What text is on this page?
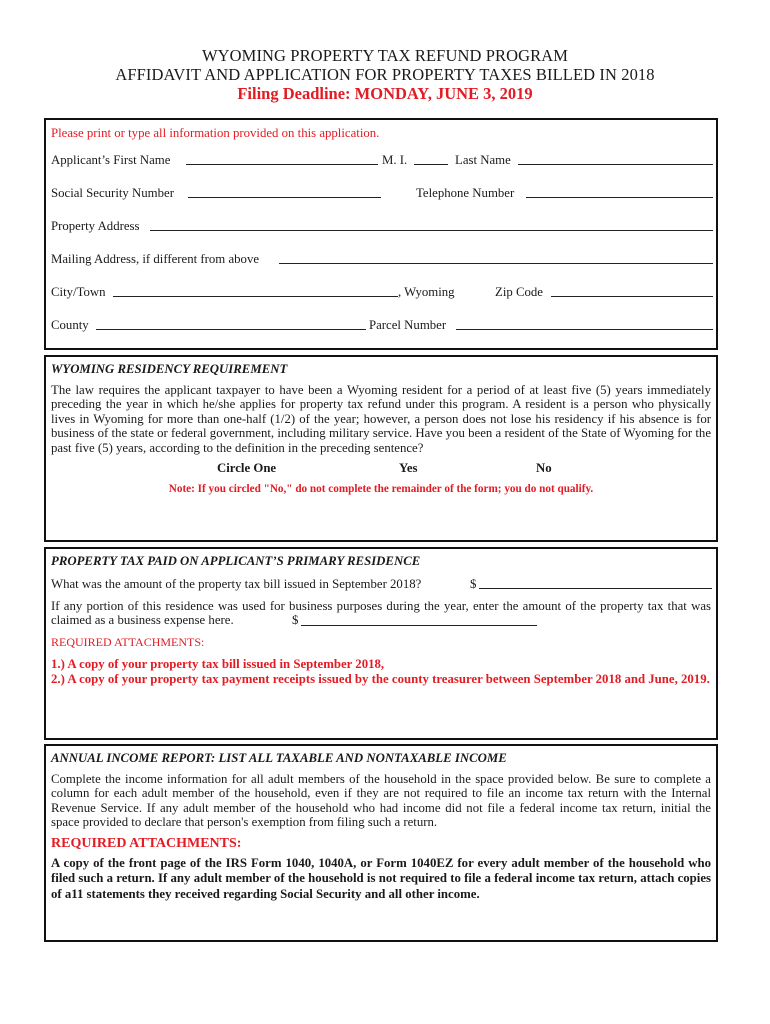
WYOMING PROPERTY TAX REFUND PROGRAM
AFFIDAVIT AND APPLICATION FOR PROPERTY TAXES BILLED IN 2018
Filing Deadline: MONDAY, JUNE 3, 2019
Please print or type all information provided on this application.
Applicant’s First Name	M. I.	Last Name
Social Security Number	Telephone Number
Property Address
Mailing Address, if different from above
City/Town	, Wyoming	Zip Code
County	Parcel Number
WYOMING RESIDENCY REQUIREMENT

The law requires the applicant taxpayer to have been a Wyoming resident for a period of at least five (5) years immediately preceding the year in which he/she applies for property tax refund under this program. A resident is a person who physically lives in Wyoming for more than one-half (1/2) of the year; however, a person does not lose his residency if his absence is for business of the state or federal government, including military service. Have you been a resident of the State of Wyoming for the past five (5) years, according to the definition in the preceding sentence?

Circle One	Yes	No
Note: If you circled "No," do not complete the remainder of the form; you do not qualify.
PROPERTY TAX PAID ON APPLICANT’S PRIMARY RESIDENCE
What was the amount of the property tax bill issued in September 2018?	$

If any portion of this residence was used for business purposes during the year, enter the amount of the property tax that was claimed as a business expense here.	$
REQUIRED ATTACHMENTS:

1.) A copy of your property tax bill issued in September 2018,

2.) A copy of your property tax payment receipts issued by the county treasurer between September 2018 and June, 2019.

ANNUAL INCOME REPORT: LIST ALL TAXABLE AND NONTAXABLE INCOME

Complete the income information for all adult members of the household in the space provided below. Be sure to complete a column for each adult member of the household, even if they are not required to file an income tax return with the Internal Revenue Service. If any adult member of the household who had income did not file a federal income tax return, initial the space provided to declare that person's exemption from filing such a return.

REQUIRED ATTACHMENTS:

A copy of the front page of the IRS Form 1040, 1040A, or Form 1040EZ for every adult member of the household who filed such a return. If any adult member of the household is not required to file a federal income tax return, attach copies of a11 statements they received regarding Social Security and all other income.
